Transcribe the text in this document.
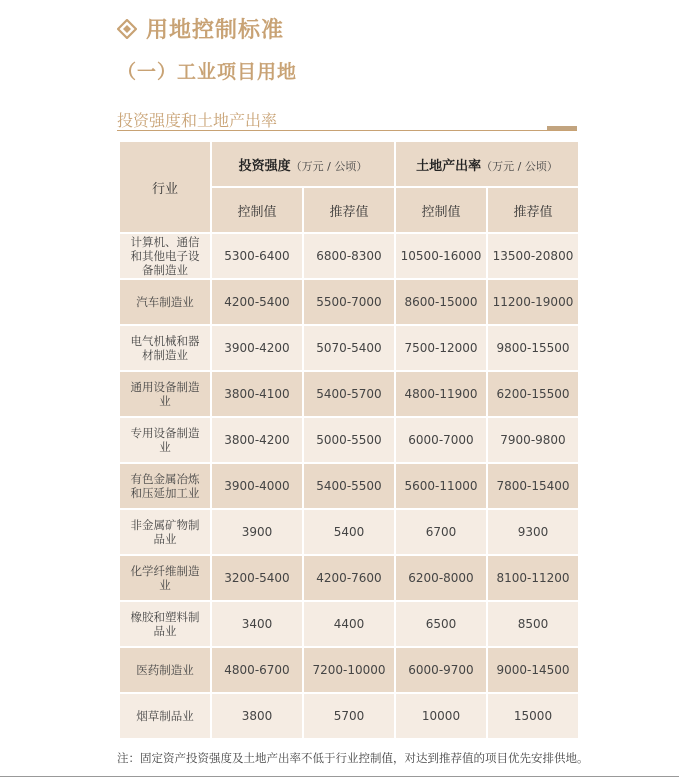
用地控制标准
（一）工业项目用地
投资强度和土地产出率
行业	投资强度（万元 / 公顷）		土地产出率（万元 / 公顷）	
	控制值	推荐值	控制值	推荐值
计算机、通信和其他电子设备制造业	5300-6400	6800-8300	10500-16000	13500-20800
汽车制造业	4200-5400	5500-7000	8600-15000	11200-19000
电气机械和器材制造业	3900-4200	5070-5400	7500-12000	9800-15500
通用设备制造业	3800-4100	5400-5700	4800-11900	6200-15500
专用设备制造业	3800-4200	5000-5500	6000-7000	7900-9800
有色金属冶炼和压延加工业	3900-4000	5400-5500	5600-11000	7800-15400
非金属矿物制品业	3900	5400	6700	9300
化学纤维制造业	3200-5400	4200-7600	6200-8000	8100-11200
橡胶和塑料制品业	3400	4400	6500	8500
医药制造业	4800-6700	7200-10000	6000-9700	9000-14500
烟草制品业	3800	5700	10000	15000
注：固定资产投资强度及土地产出率不低于行业控制值，对达到推荐值的项目优先安排供地。
